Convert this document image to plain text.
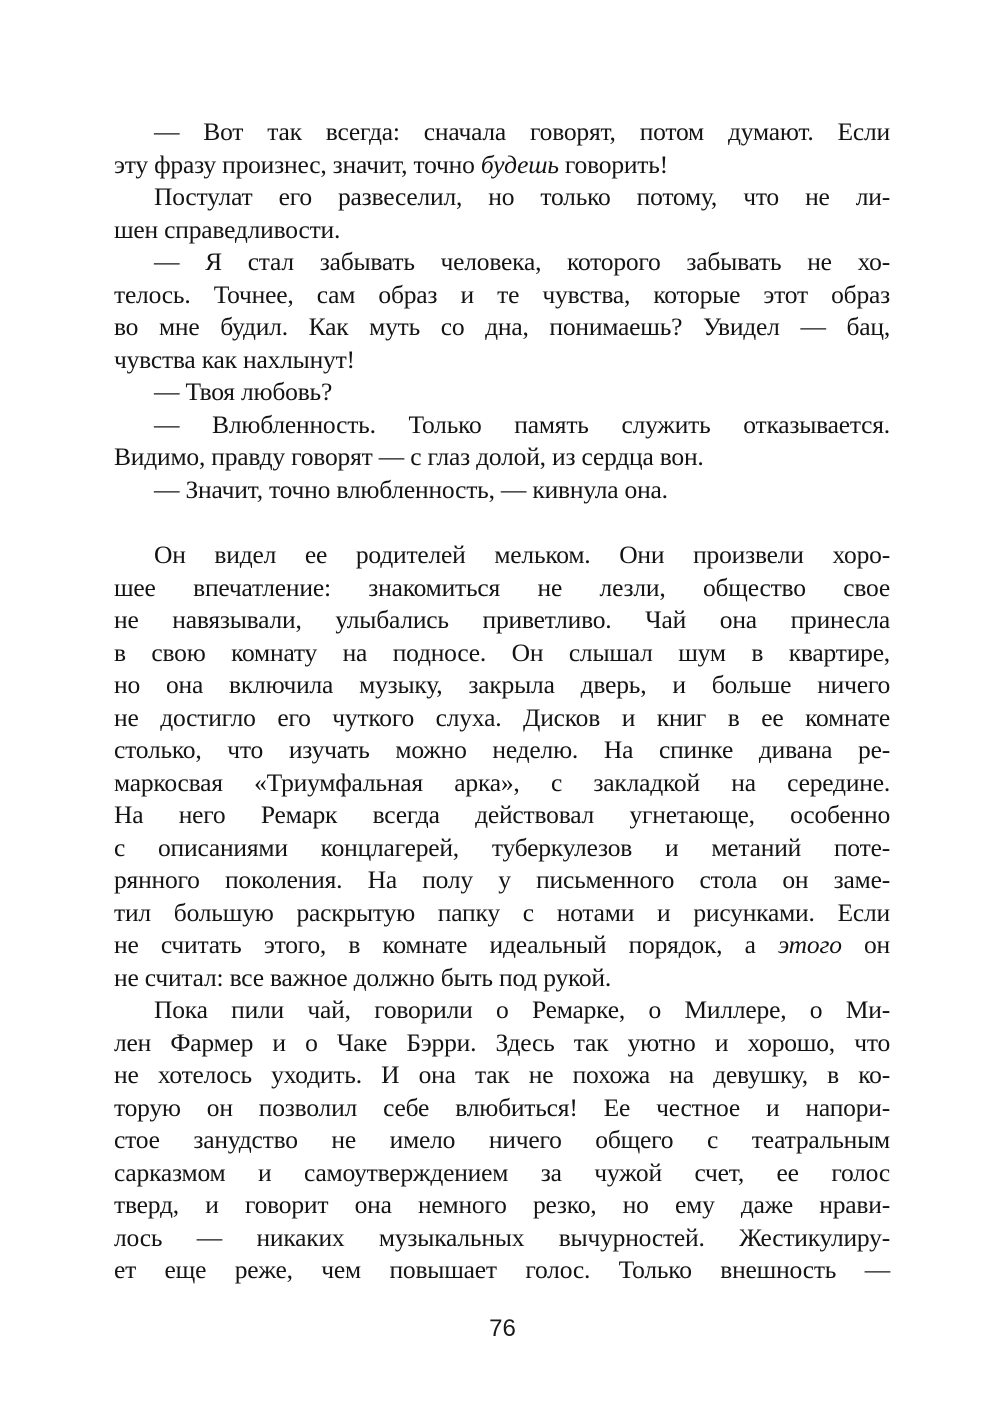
— Вот так всегда: сначала говорят, потом думают. Если
эту фразу произнес, значит, точно будешь говорить!
Постулат его развеселил, но только потому, что не ли-
шен справедливости.
— Я стал забывать человека, которого забывать не хо-
телось. Точнее, сам образ и те чувства, которые этот образ
во мне будил. Как муть со дна, понимаешь? Увидел — бац,
чувства как нахлынут!
— Твоя любовь?
— Влюбленность. Только память служить отказывается.
Видимо, правду говорят — с глаз долой, из сердца вон.
— Значит, точно влюбленность, — кивнула она.
Он видел ее родителей мельком. Они произвели хоро-
шее впечатление: знакомиться не лезли, общество свое
не навязывали, улыбались приветливо. Чай она принесла
в свою комнату на подносе. Он слышал шум в квартире,
но она включила музыку, закрыла дверь, и больше ничего
не достигло его чуткого слуха. Дисков и книг в ее комнате
столько, что изучать можно неделю. На спинке дивана ре-
маркосвая «Триумфальная арка», с закладкой на середине.
На него Ремарк всегда действовал угнетающе, особенно
с описаниями концлагерей, туберкулезов и метаний поте-
рянного поколения. На полу у письменного стола он заме-
тил большую раскрытую папку с нотами и рисунками. Если
не считать этого, в комнате идеальный порядок, а этого он
не считал: все важное должно быть под рукой.
Пока пили чай, говорили о Ремарке, о Миллере, о Ми-
лен Фармер и о Чаке Бэрри. Здесь так уютно и хорошо, что
не хотелось уходить. И она так не похожа на девушку, в ко-
торую он позволил себе влюбиться! Ее честное и напори-
стое занудство не имело ничего общего с театральным
сарказмом и самоутверждением за чужой счет, ее голос
тверд, и говорит она немного резко, но ему даже нрави-
лось — никаких музыкальных вычурностей. Жестикулиру-
ет еще реже, чем повышает голос. Только внешность —
76
